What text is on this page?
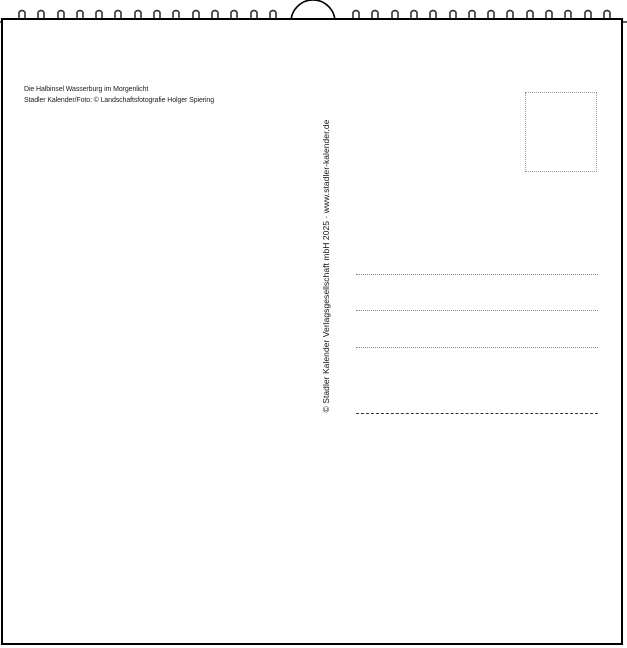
Die Halbinsel Wasserburg im Morgenlicht
Stadler Kalender/Foto: © Landschaftsfotografie Holger Spiering
© Stadler Kalender Verlagsgesellschaft mbH 2025 · www.stadler-kalender.de
